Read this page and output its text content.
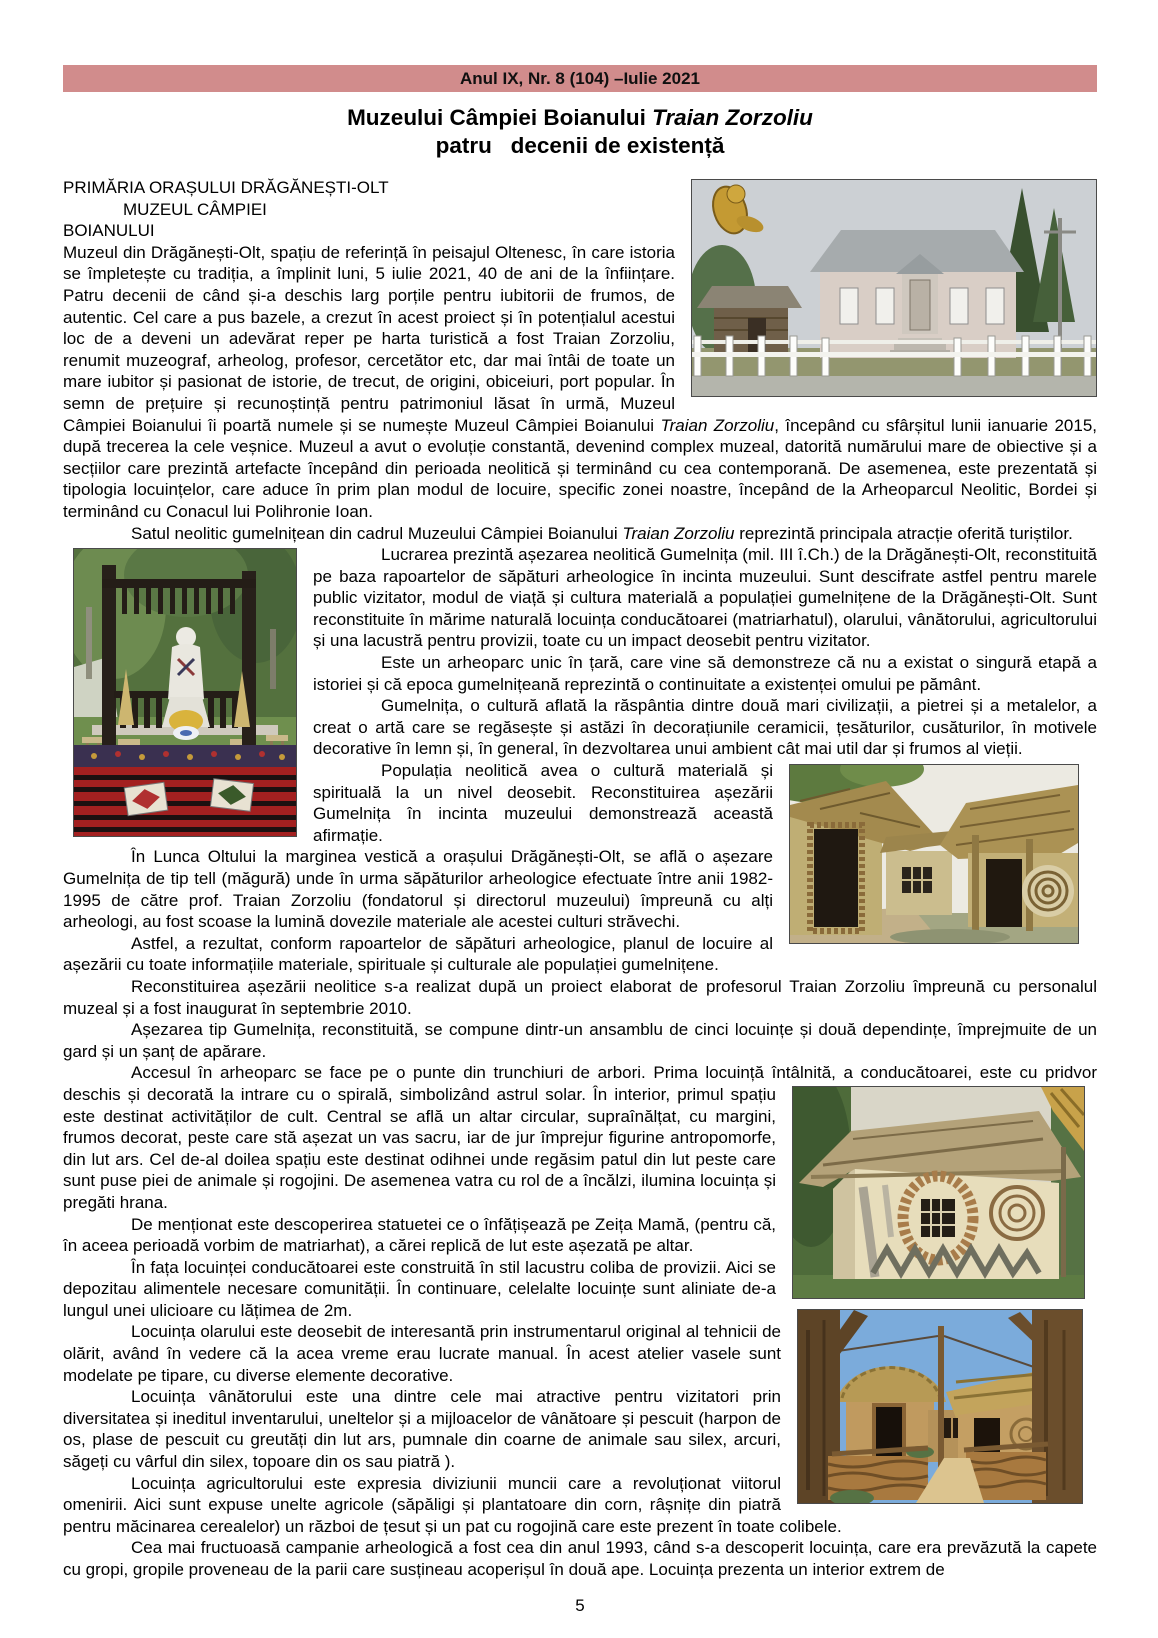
Anul IX, Nr. 8 (104) –Iulie 2021
Muzeului Câmpiei Boianului Traian Zorzoliu
patru   decenii de existență

PRIMĂRIA ORAȘULUI DRĂGĂNEȘTI-OLT
MUZEUL CÂMPIEI
BOIANULUI
Muzeul din Drăgănești-Olt, spațiu de referință în peisajul Oltenesc, în care istoria se împletește cu tradiția, a împlinit luni, 5 iulie 2021, 40 de ani de la înființare. Patru decenii de când și-a deschis larg porțile pentru iubitorii de frumos, de autentic. Cel care a pus bazele, a crezut în acest proiect și în potențialul acestui loc de a deveni un adevărat reper pe harta turistică a fost Traian Zorzoliu, renumit muzeograf, arheolog, profesor, cercetător etc, dar mai întâi de toate un mare iubitor și pasionat de istorie, de trecut, de origini, obiceiuri, port popular. În semn de prețuire și recunoștință pentru patrimoniul lăsat în urmă, Muzeul Câmpiei Boianului îi poartă numele și se numește Muzeul Câmpiei Boianului Traian Zorzoliu, începând cu sfârșitul lunii ianuarie 2015, după trecerea la cele veșnice. Muzeul a avut o evoluție constantă, devenind complex muzeal, datorită numărului mare de obiective și a secțiilor care prezintă artefacte începând din perioada neolitică și terminând cu cea contemporană. De asemenea, este prezentată și tipologia locuințelor, care aduce în prim plan modul de locuire, specific zonei noastre, începând de la Arheoparcul Neolitic, Bordei și terminând cu Conacul lui Polihronie Ioan.

Satul neolitic gumelnițean din cadrul Muzeului Câmpiei Boianului Traian Zorzoliu reprezintă principala atracție oferită
turiștilor.

Lucrarea prezintă așezarea neolitică Gumelnița (mil. III î.Ch.) de la Drăgănești-Olt, reconstituită pe baza rapoartelor de săpături arheologice în incinta muzeului. Sunt descifrate astfel pentru marele public vizitator, modul de viață și cultura materială a populației gumelnițene de la Drăgănești-Olt. Sunt reconstituite în mărime naturală locuința conducătoarei (matriarhatul), olarului, vânătorului, agricultorului și una lacustră pentru provizii, toate cu un impact deosebit pentru vizitator.

Este un arheoparc unic în țară, care vine să demonstreze că nu a existat o singură etapă a istoriei și că epoca gumelnițeană reprezintă o continuitate a existenței omului pe pământ.

Gumelnița, o cultură aflată la răspântia dintre două mari civilizații, a pietrei și a metalelor, a creat o artă care se regăsește și astăzi în decorațiunile ceramicii, țesăturilor, cusăturilor, în motivele decorative în lemn și, în general, în dezvoltarea unui ambient cât mai util dar și frumos al vieții.

Populația neolitică avea o cultură materială și spirituală la un nivel deosebit. Reconstituirea așezării Gumelnița în incinta muzeului demonstrează această afirmație.

În Lunca Oltului la marginea vestică a orașului Drăgănești-Olt, se află o așezare Gumelnița de tip tell (măgură) unde în urma săpăturilor arheologice efectuate între anii 1982-1995 de către prof. Traian Zorzoliu (fondatorul și directorul muzeului) împreună cu alți arheologi, au fost scoase la lumină dovezile materiale ale acestei culturi străvechi.

Astfel, a rezultat, conform rapoartelor de săpături arheologice, planul de locuire al așezării cu toate informațiile materiale, spirituale și culturale ale populației gumelnițene.

Reconstituirea așezării neolitice s-a realizat după un proiect elaborat de profesorul Traian Zorzoliu împreună cu personalul muzeal și a fost inaugurat în septembrie 2010.

Așezarea tip Gumelnița, reconstituită, se compune dintr-un ansamblu de cinci locuințe și două dependințe, împrejmuite de un gard și un șanț de apărare.

Accesul în arheoparc se face pe o punte din trunchiuri de arbori. Prima locuință întâlnită, a conducătoarei, este cu pridvor
deschis și decorată la intrare cu o spirală, simbolizând astrul solar. În interior, primul spațiu este destinat activităților de cult. Central se află un altar circular, supraînălțat, cu margini, frumos decorat, peste care stă așezat un vas sacru, iar de jur împrejur figurine antropomorfe, din lut ars. Cel de-al doilea spațiu este destinat odihnei unde regăsim patul din lut peste care sunt puse piei de animale și rogojini. De asemenea vatra cu rol de a încălzi, ilumina locuința și pregăti hrana.

De menționat este descoperirea statuetei ce o înfățișează pe Zeița Mamă, (pentru că, în aceea perioadă vorbim de matriarhat), a cărei replică de lut este așezată pe altar.

În fața locuinței conducătoarei este construită în stil lacustru coliba de provizii. Aici se depozitau alimentele necesare comunității. În continuare, celelalte locuințe sunt aliniate de-a lungul unei ulicioare cu lățimea de 2m.

Locuința olarului este deosebit de interesantă prin instrumentarul original al tehnicii de olărit, având în vedere că la acea vreme erau lucrate manual. În acest atelier vasele sunt modelate pe tipare, cu diverse elemente decorative.

Locuința vânătorului este una dintre cele mai atractive pentru vizitatori prin diversitatea și ineditul inventarului, uneltelor și a mijloacelor de vânătoare și pescuit (harpon de os, plase de pescuit cu greutăți din lut ars, pumnale din coarne de animale sau silex, arcuri, săgeți cu vârful din silex, topoare din os sau piatră ).

Locuința agricultorului este expresia diviziunii muncii care a revoluționat viitorul omenirii. Aici sunt expuse unelte agricole (săpăligi și plantatoare din corn, râșnițe din piatră pentru măcinarea cerealelor) un război de țesut și un pat cu rogojină care este prezent în toate colibele.

Cea mai fructuoasă campanie arheologică a fost cea din anul 1993, când s-a descoperit locuința, care era prevăzută la capete cu gropi, gropile proveneau de la parii care susțineau acoperișul în două ape. Locuința prezenta un interior extrem de

5
